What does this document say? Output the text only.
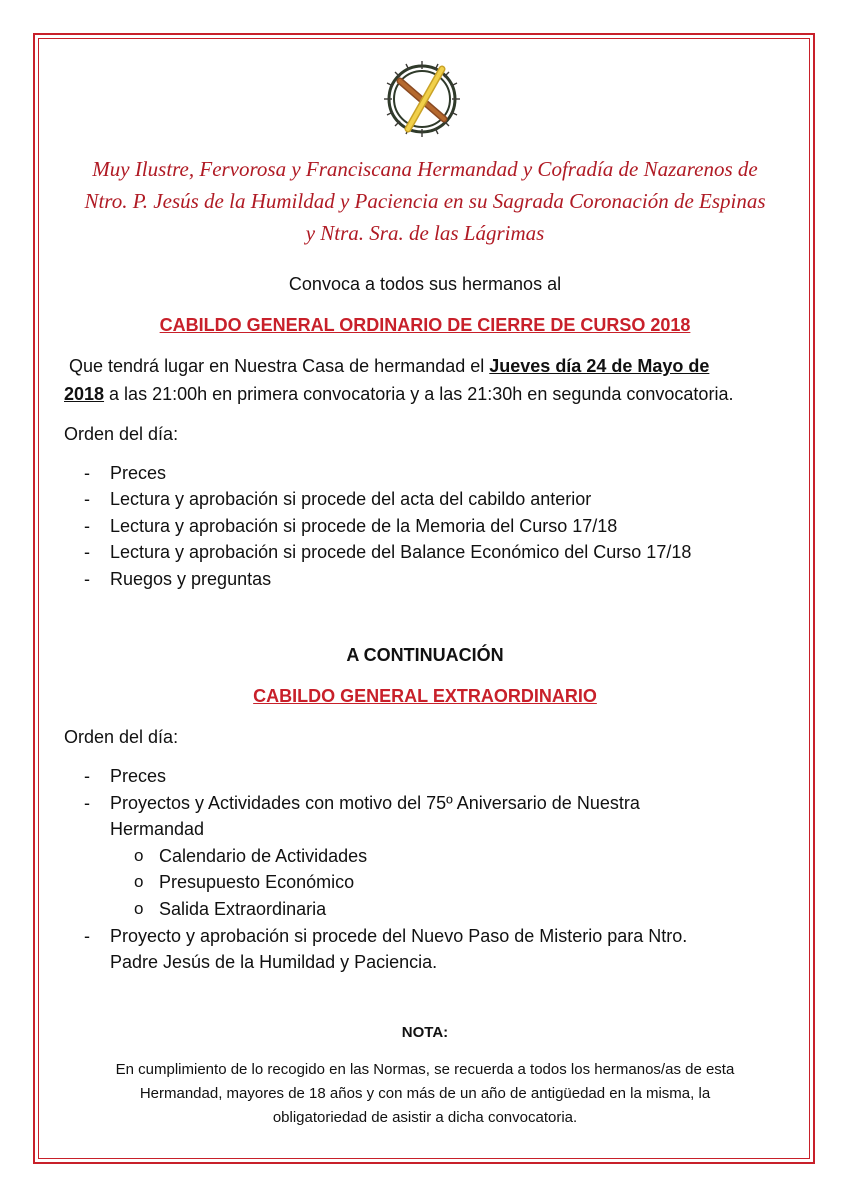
Muy Ilustre, Fervorosa y Franciscana Hermandad y Cofradía de Nazarenos de
Ntro. P. Jesús de la Humildad y Paciencia en su Sagrada Coronación de Espinas
y Ntra. Sra. de las Lágrimas
Convoca a todos sus hermanos al
CABILDO GENERAL ORDINARIO DE CIERRE DE CURSO 2018
Que tendrá lugar en Nuestra Casa de hermandad el Jueves día 24 de Mayo de
2018 a las 21:00h en primera convocatoria y a las 21:30h en segunda convocatoria.
Orden del día:
- Preces
- Lectura y aprobación si procede del acta del cabildo anterior
- Lectura y aprobación si procede de la Memoria del Curso 17/18
- Lectura y aprobación si procede del Balance Económico del Curso 17/18
- Ruegos y preguntas
A CONTINUACIÓN
CABILDO GENERAL EXTRAORDINARIO
Orden del día:
- Preces
- Proyectos y Actividades con motivo del 75º Aniversario de Nuestra
Hermandad
o Calendario de Actividades
o Presupuesto Económico
o Salida Extraordinaria
- Proyecto y aprobación si procede del Nuevo Paso de Misterio para Ntro.
Padre Jesús de la Humildad y Paciencia.
NOTA:
En cumplimiento de lo recogido en las Normas, se recuerda a todos los hermanos/as de esta
Hermandad, mayores de 18 años y con más de un año de antigüedad en la misma, la
obligatoriedad de asistir a dicha convocatoria.
